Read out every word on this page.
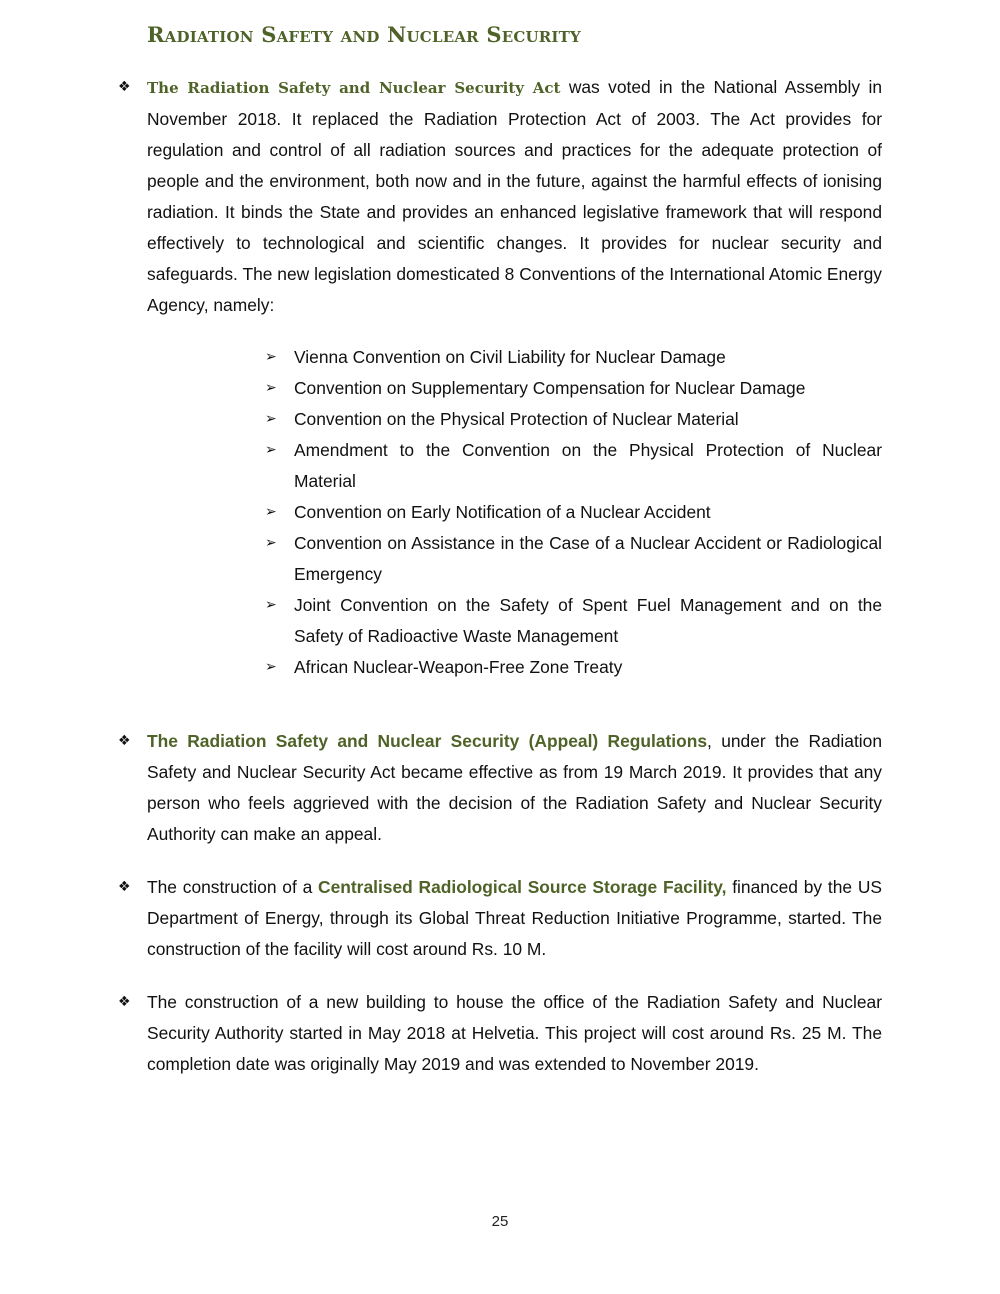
Radiation Safety and Nuclear Security
❖	The Radiation Safety and Nuclear Security Act was voted in the National Assembly in November 2018. It replaced the Radiation Protection Act of 2003. The Act provides for regulation and control of all radiation sources and practices for the adequate protection of people and the environment, both now and in the future, against the harmful effects of ionising radiation. It binds the State and provides an enhanced legislative framework that will respond effectively to technological and scientific changes. It provides for nuclear security and safeguards. The new legislation domesticated 8 Conventions of the International Atomic Energy Agency, namely:

➢ Vienna Convention on Civil Liability for Nuclear Damage
➢ Convention on Supplementary Compensation for Nuclear Damage
➢ Convention on the Physical Protection of Nuclear Material
➢ Amendment to the Convention on the Physical Protection of Nuclear Material
➢ Convention on Early Notification of a Nuclear Accident
➢ Convention on Assistance in the Case of a Nuclear Accident or Radiological Emergency
➢ Joint Convention on the Safety of Spent Fuel Management and on the Safety of Radioactive Waste Management
➢ African Nuclear-Weapon-Free Zone Treaty
❖ The Radiation Safety and Nuclear Security (Appeal) Regulations, under the Radiation Safety and Nuclear Security Act became effective as from 19 March 2019. It provides that any person who feels aggrieved with the decision of the Radiation Safety and Nuclear Security Authority can make an appeal.

❖ The construction of a Centralised Radiological Source Storage Facility, financed by the US Department of Energy, through its Global Threat Reduction Initiative Programme, started. The construction of the facility will cost around Rs. 10 M.

❖ The construction of a new building to house the office of the Radiation Safety and Nuclear Security Authority started in May 2018 at Helvetia. This project will cost around Rs. 25 M. The completion date was originally May 2019 and was extended to November 2019.

25
